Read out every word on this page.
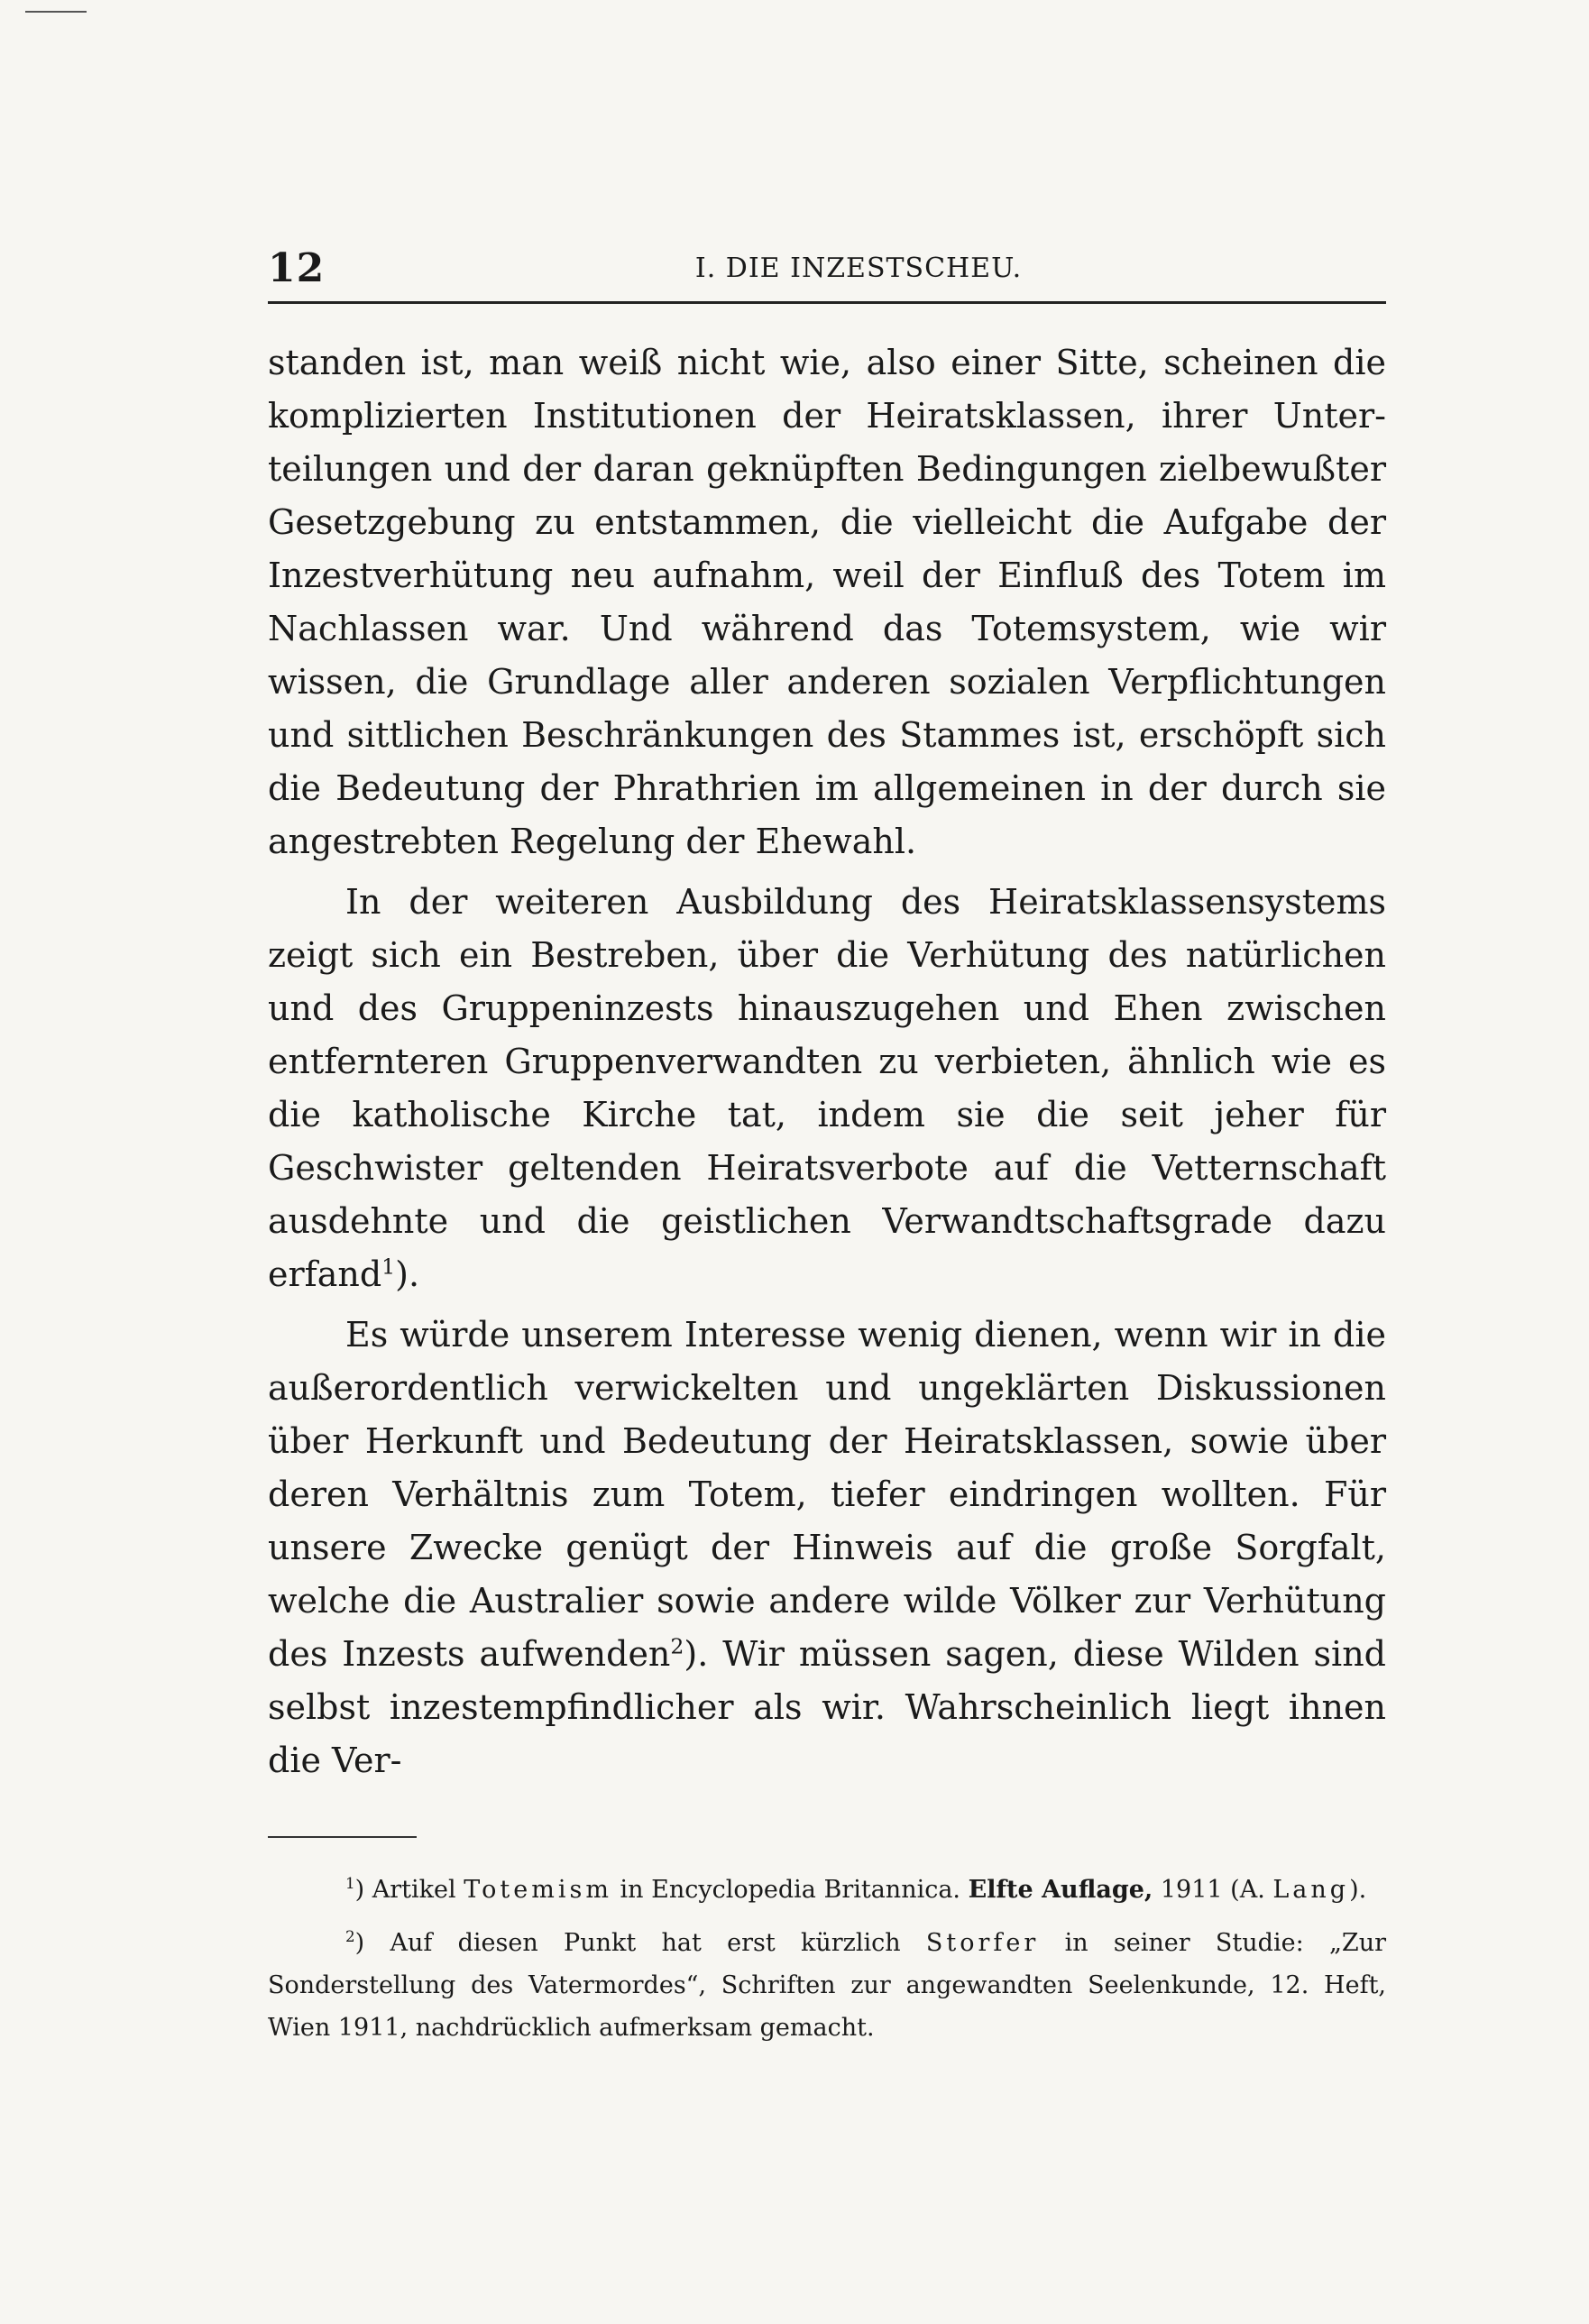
12	I. DIE INZESTSCHEU.

standen ist, man weiß nicht wie, also einer Sitte, scheinen die komplizierten Institutionen der Heiratsklassen, ihrer Unterteilungen und der daran geknüpften Bedingungen zielbewußter Gesetzgebung zu entstammen, die vielleicht die Aufgabe der Inzestverhütung neu aufnahm, weil der Einfluß des Totem im Nachlassen war. Und während das Totemsystem, wie wir wissen, die Grundlage aller anderen sozialen Verpflichtungen und sittlichen Beschränkungen des Stammes ist, erschöpft sich die Bedeutung der Phrathrien im allgemeinen in der durch sie angestrebten Regelung der Ehewahl.

In der weiteren Ausbildung des Heiratsklassensystems zeigt sich ein Bestreben, über die Verhütung des natürlichen und des Gruppeninzests hinauszugehen und Ehen zwischen entfernteren Gruppenverwandten zu verbieten, ähnlich wie es die katholische Kirche tat, indem sie die seit jeher für Geschwister geltenden Heiratsverbote auf die Vetternschaft ausdehnte und die geistlichen Verwandtschaftsgrade dazu erfand$^1$).

Es würde unserem Interesse wenig dienen, wenn wir in die außerordentlich verwickelten und ungeklärten Diskussionen über Herkunft und Bedeutung der Heiratsklassen, sowie über deren Verhältnis zum Totem, tiefer eindringen wollten. Für unsere Zwecke genügt der Hinweis auf die große Sorgfalt, welche die Australier sowie andere wilde Völker zur Verhütung des Inzests aufwenden$^2$). Wir müssen sagen, diese Wilden sind selbst inzestempfindlicher als wir. Wahrscheinlich liegt ihnen die Ver-

$^1$) Artikel Totemism in Encyclopedia Britannica. Elfte Auflage, 1911 (A. Lang).

$^2$) Auf diesen Punkt hat erst kürzlich Storfer in seiner Studie: „Zur Sonderstellung des Vatermordes“, Schriften zur angewandten Seelenkunde, 12. Heft, Wien 1911, nachdrücklich aufmerksam gemacht.
